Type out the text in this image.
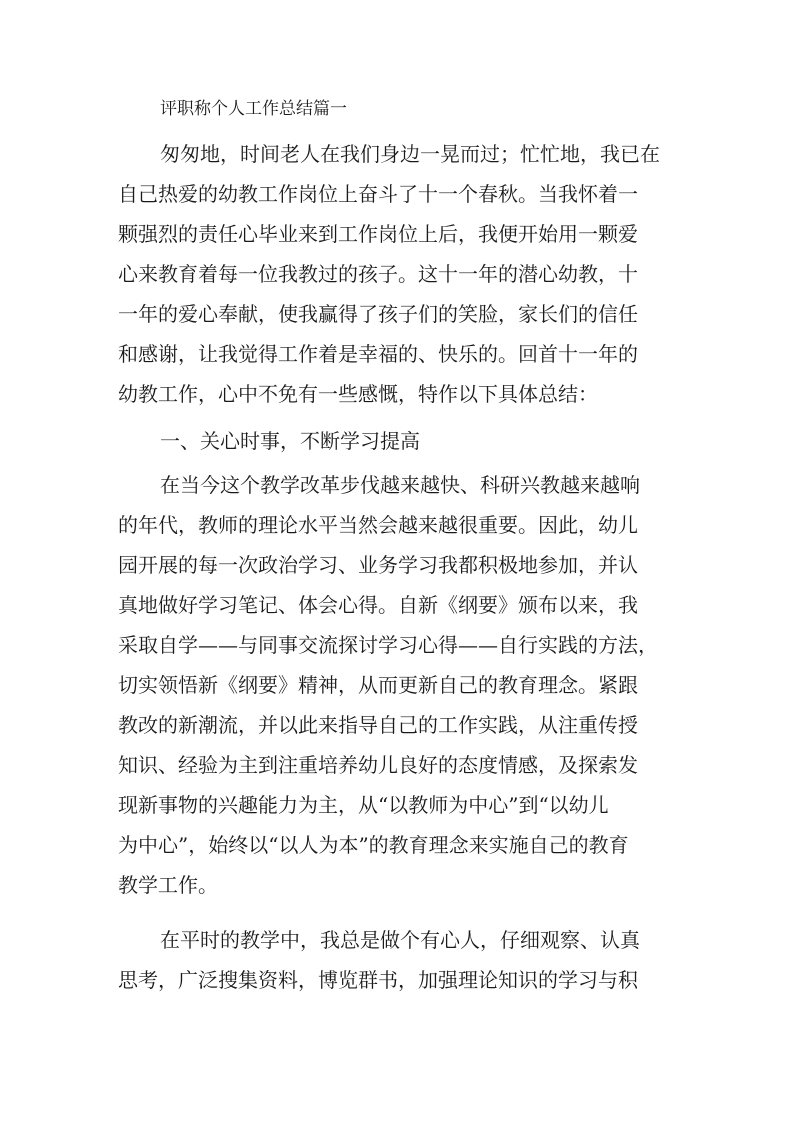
评职称个人工作总结篇一
匆匆地，时间老人在我们身边一晃而过；忙忙地，我已在
自己热爱的幼教工作岗位上奋斗了十一个春秋。当我怀着一
颗强烈的责任心毕业来到工作岗位上后，我便开始用一颗爱
心来教育着每一位我教过的孩子。这十一年的潜心幼教，十
一年的爱心奉献，使我赢得了孩子们的笑脸，家长们的信任
和感谢，让我觉得工作着是幸福的、快乐的。回首十一年的
幼教工作，心中不免有一些感慨，特作以下具体总结：
一、关心时事，不断学习提高
在当今这个教学改革步伐越来越快、科研兴教越来越响
的年代，教师的理论水平当然会越来越很重要。因此，幼儿
园开展的每一次政治学习、业务学习我都积极地参加，并认
真地做好学习笔记、体会心得。自新《纲要》颁布以来，我
采取自学——与同事交流探讨学习心得——自行实践的方法，
切实领悟新《纲要》精神，从而更新自己的教育理念。紧跟
教改的新潮流，并以此来指导自己的工作实践，从注重传授
知识、经验为主到注重培养幼儿良好的态度情感，及探索发
现新事物的兴趣能力为主，从“以教师为中心”到“以幼儿
为中心”，始终以“以人为本”的教育理念来实施自己的教育
教学工作。
在平时的教学中，我总是做个有心人，仔细观察、认真
思考，广泛搜集资料，博览群书，加强理论知识的学习与积
